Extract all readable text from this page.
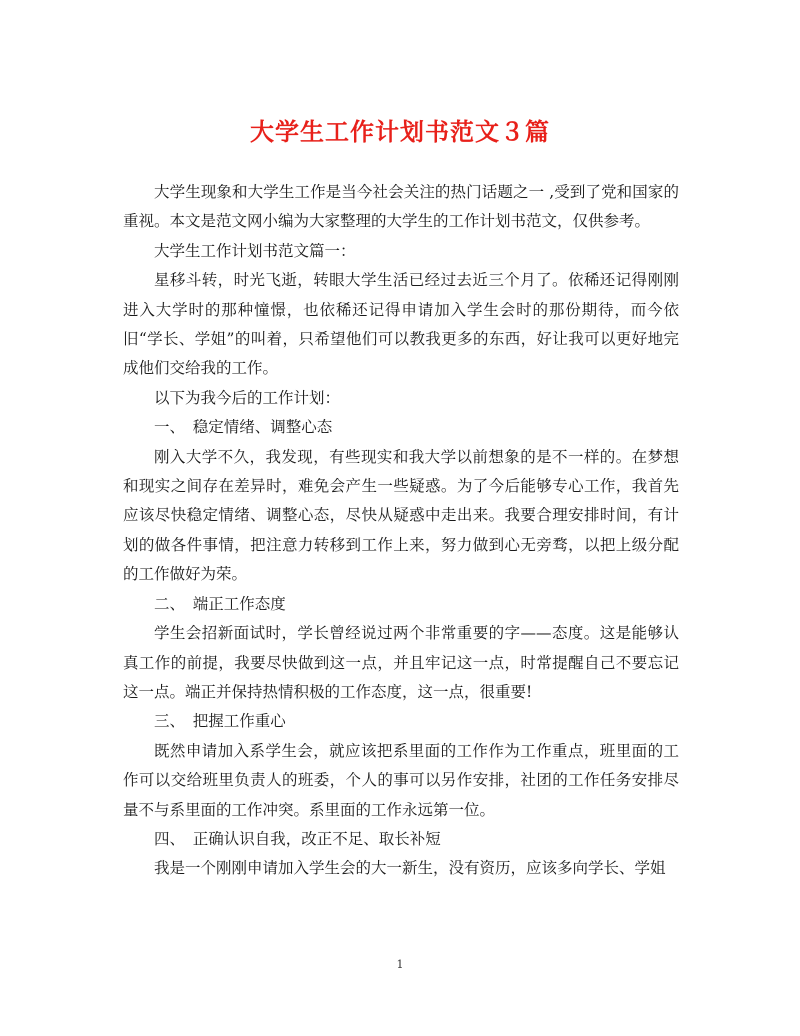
大学生工作计划书范文３篇

大学生现象和大学生工作是当今社会关注的热门话题之一 ,受到了党和国家的重视。本文是范文网小编为大家整理的大学生的工作计划书范文，仅供参考。

大学生工作计划书范文篇一：

星移斗转，时光飞逝，转眼大学生活已经过去近三个月了。依稀还记得刚刚进入大学时的那种憧憬，也依稀还记得申请加入学生会时的那份期待，而今依旧“学长、学姐”的叫着，只希望他们可以教我更多的东西，好让我可以更好地完成他们交给我的工作。

以下为我今后的工作计划：

一、　稳定情绪、调整心态

刚入大学不久，我发现，有些现实和我大学以前想象的是不一样的。在梦想和现实之间存在差异时，难免会产生一些疑惑。为了今后能够专心工作，我首先应该尽快稳定情绪、调整心态，尽快从疑惑中走出来。我要合理安排时间，有计划的做各件事情，把注意力转移到工作上来，努力做到心无旁骛，以把上级分配的工作做好为荣。

二、　端正工作态度

学生会招新面试时，学长曾经说过两个非常重要的字——态度。这是能够认真工作的前提，我要尽快做到这一点，并且牢记这一点，时常提醒自己不要忘记这一点。端正并保持热情积极的工作态度，这一点，很重要!

三、　把握工作重心

既然申请加入系学生会，就应该把系里面的工作作为工作重点，班里面的工作可以交给班里负责人的班委，个人的事可以另作安排，社团的工作任务安排尽量不与系里面的工作冲突。系里面的工作永远第一位。

四、　正确认识自我，改正不足、取长补短

我是一个刚刚申请加入学生会的大一新生，没有资历，应该多向学长、学姐

1
